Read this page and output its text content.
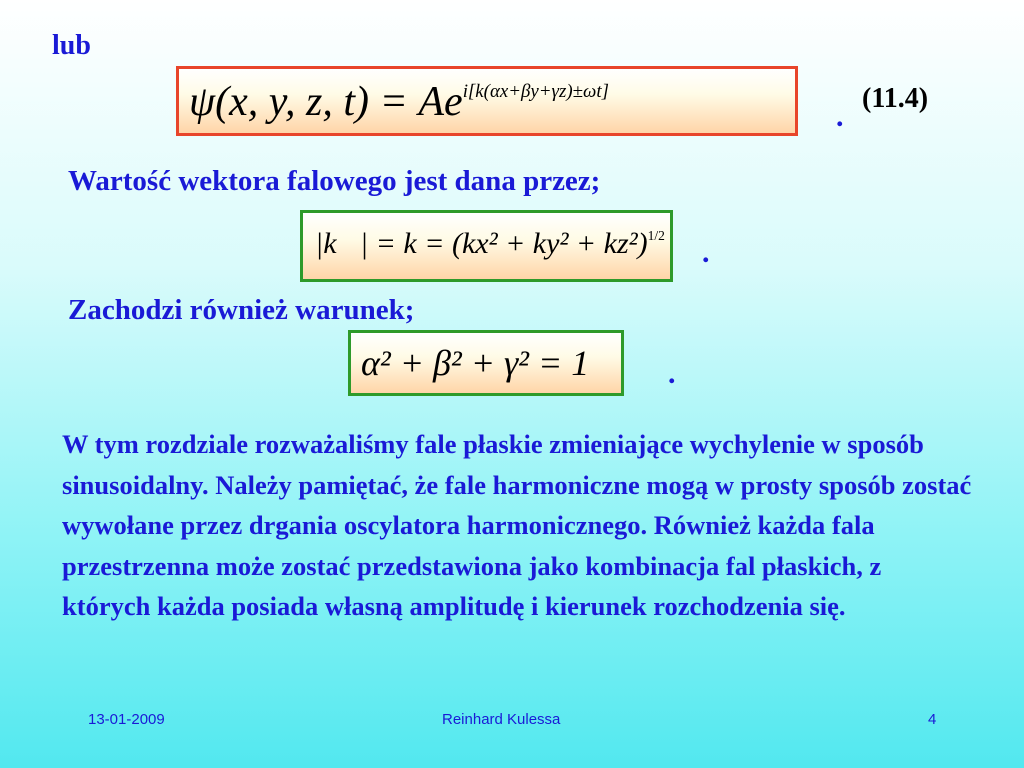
lub
ψ(x, y, z, $t) = Ae^{i[k(\alpha x+\beta y+\gamma z)\pm\omega t]}$	(11.4)
.
Wartość wektora falowego jest dana przez;
|k⃗| = $k = (kx^2 + ky^2 + kz^2)^{1/2}$
.
Zachodzi również warunek;
α² + β² + γ² = 1	.
W tym rozdziale rozważaliśmy fale płaskie zmieniające wychylenie w sposób sinusoidalny. Należy pamiętać, że fale harmoniczne mogą w prosty sposób zostać wywołane przez drgania oscylatora harmonicznego. Również każda fala przestrzenna może zostać przedstawiona jako kombinacja fal płaskich, z których każda posiada własną amplitudę i kierunek rozchodzenia się.
13-01-2009	Reinhard Kulessa	4
